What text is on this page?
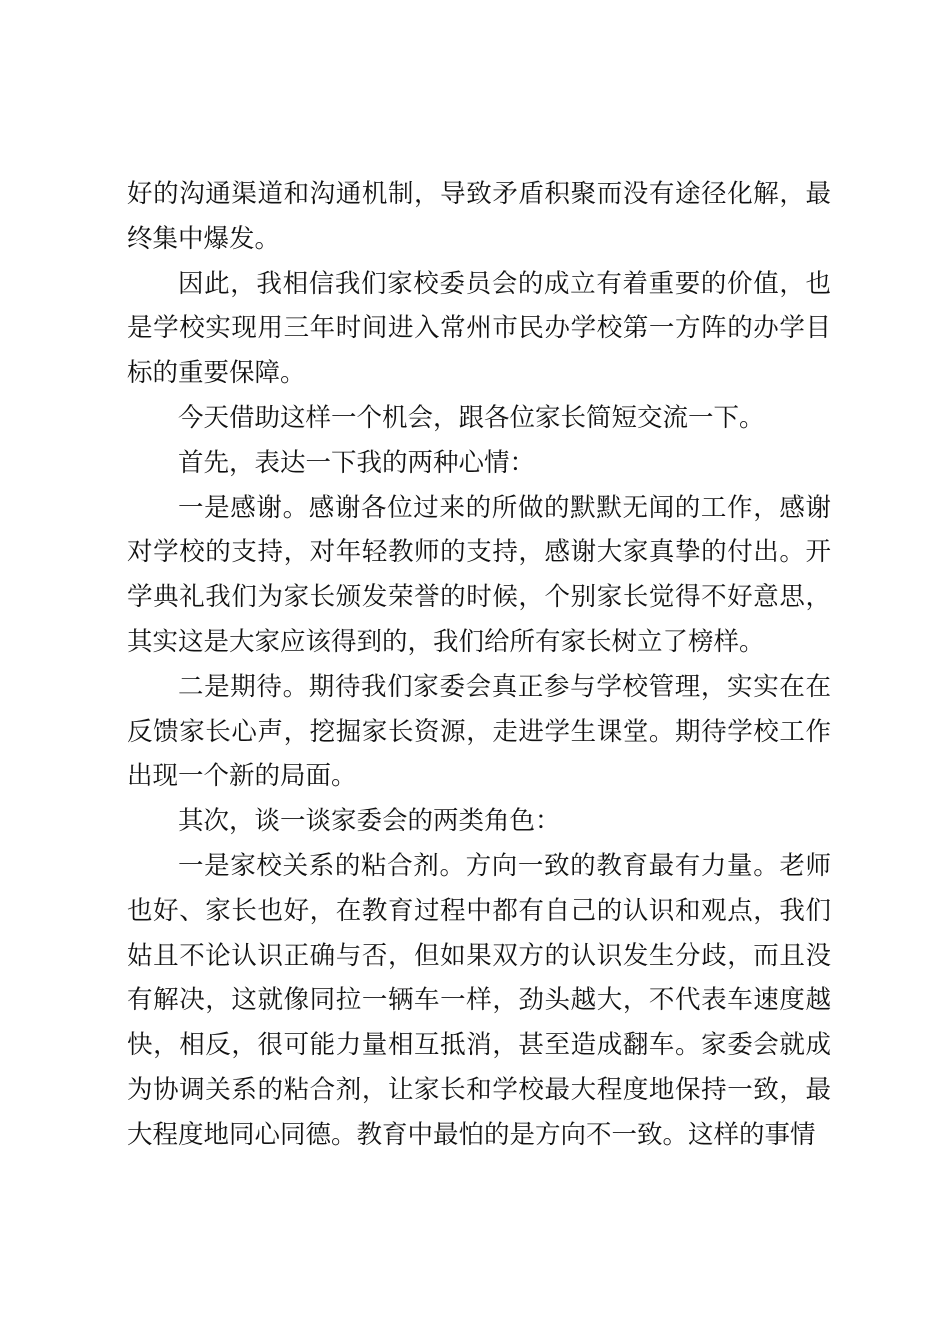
好的沟通渠道和沟通机制，导致矛盾积聚而没有途径化解，最终集中爆发。

因此，我相信我们家校委员会的成立有着重要的价值，也是学校实现用三年时间进入常州市民办学校第一方阵的办学目标的重要保障。

今天借助这样一个机会，跟各位家长简短交流一下。

首先，表达一下我的两种心情：

一是感谢。感谢各位过来的所做的默默无闻的工作，感谢对学校的支持，对年轻教师的支持，感谢大家真挚的付出。开学典礼我们为家长颁发荣誉的时候，个别家长觉得不好意思，其实这是大家应该得到的，我们给所有家长树立了榜样。

二是期待。期待我们家委会真正参与学校管理，实实在在反馈家长心声，挖掘家长资源，走进学生课堂。期待学校工作出现一个新的局面。

其次，谈一谈家委会的两类角色：

一是家校关系的粘合剂。方向一致的教育最有力量。老师也好、家长也好，在教育过程中都有自己的认识和观点，我们姑且不论认识正确与否，但如果双方的认识发生分歧，而且没有解决，这就像同拉一辆车一样，劲头越大，不代表车速度越快，相反，很可能力量相互抵消，甚至造成翻车。家委会就成为协调关系的粘合剂，让家长和学校最大程度地保持一致，最大程度地同心同德。教育中最怕的是方向不一致。这样的事情
